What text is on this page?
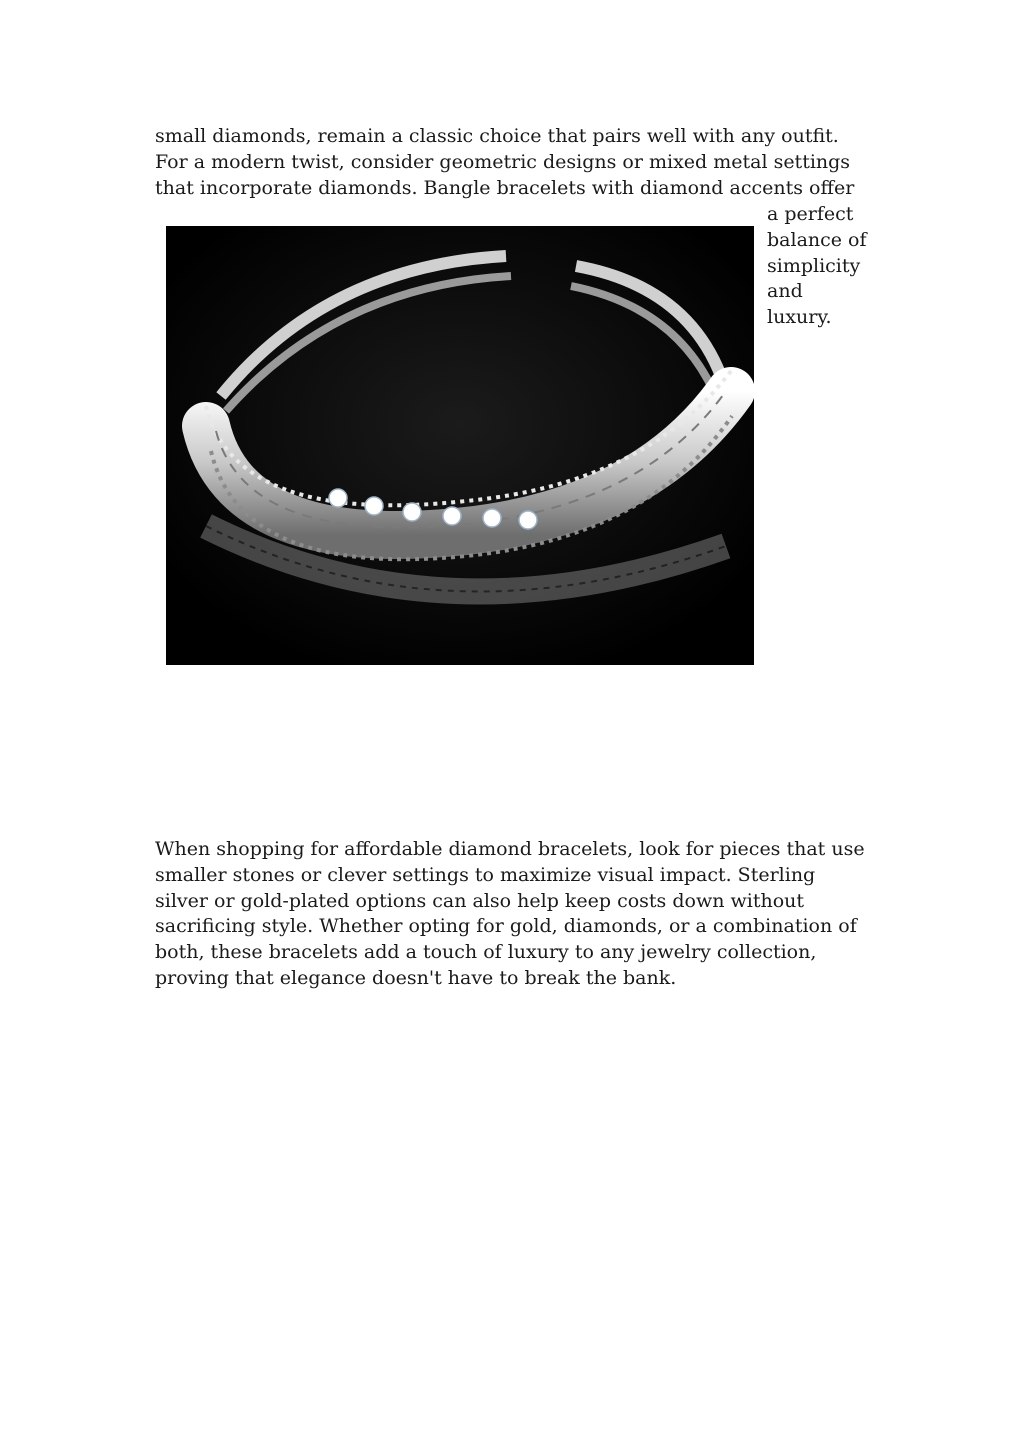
small diamonds, remain a classic choice that pairs well with any outfit.
For a modern twist, consider geometric designs or mixed metal settings
that incorporate diamonds. Bangle bracelets with diamond accents offer

a perfect
balance of
simplicity
and
luxury.

When shopping for affordable diamond bracelets, look for pieces that use
smaller stones or clever settings to maximize visual impact. Sterling
silver or gold-plated options can also help keep costs down without
sacrificing style. Whether opting for gold, diamonds, or a combination of
both, these bracelets add a touch of luxury to any jewelry collection,
proving that elegance doesn't have to break the bank.
